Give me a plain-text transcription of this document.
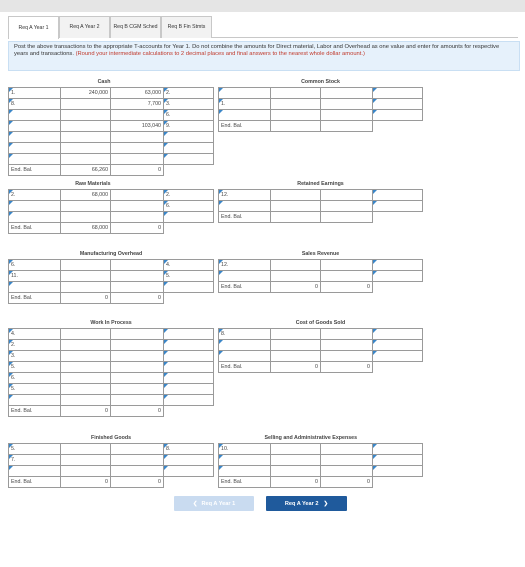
Req A Year 1	Req A Year 2	Req B CGM Sched	Req B Fin Stmts
Post the above transactions to the appropriate T-accounts for Year 1. Do not combine the amounts for Direct material, Labor and Overhead as one value and enter for amounts for respective years and transactions. (Round your intermediate calculations to 2 decimal places and final answers to the nearest whole dollar amount.)
Cash			
1.	240,000	63,000	2.
8.		7,700	3.
			6.
		103,040	9.

End. Bal.	66,260	0	
Common Stock			

1.			

End. Bal.			
Raw Materials			
2.	68,000		2.
			6.

End. Bal.	68,000	0	
Retained Earnings			
12.			

End. Bal.			
Manufacturing Overhead			
6.			4.
11.			5.

End. Bal.	0	0	
Sales Revenue			
12.			

End. Bal.	0	0	

Work In Process			
4.			
2.			
3.			
5.			
6.			
5.			

End. Bal.	0	0	
Cost of Goods Sold			
8.			

End. Bal.	0	0	
Finished Goods			
5.			8.
7.			

End. Bal.	0	0	
Selling and Administrative Expenses			
10.			

End. Bal.	0	0	
❮ Req A Year 1	Req A Year 2 ❯
